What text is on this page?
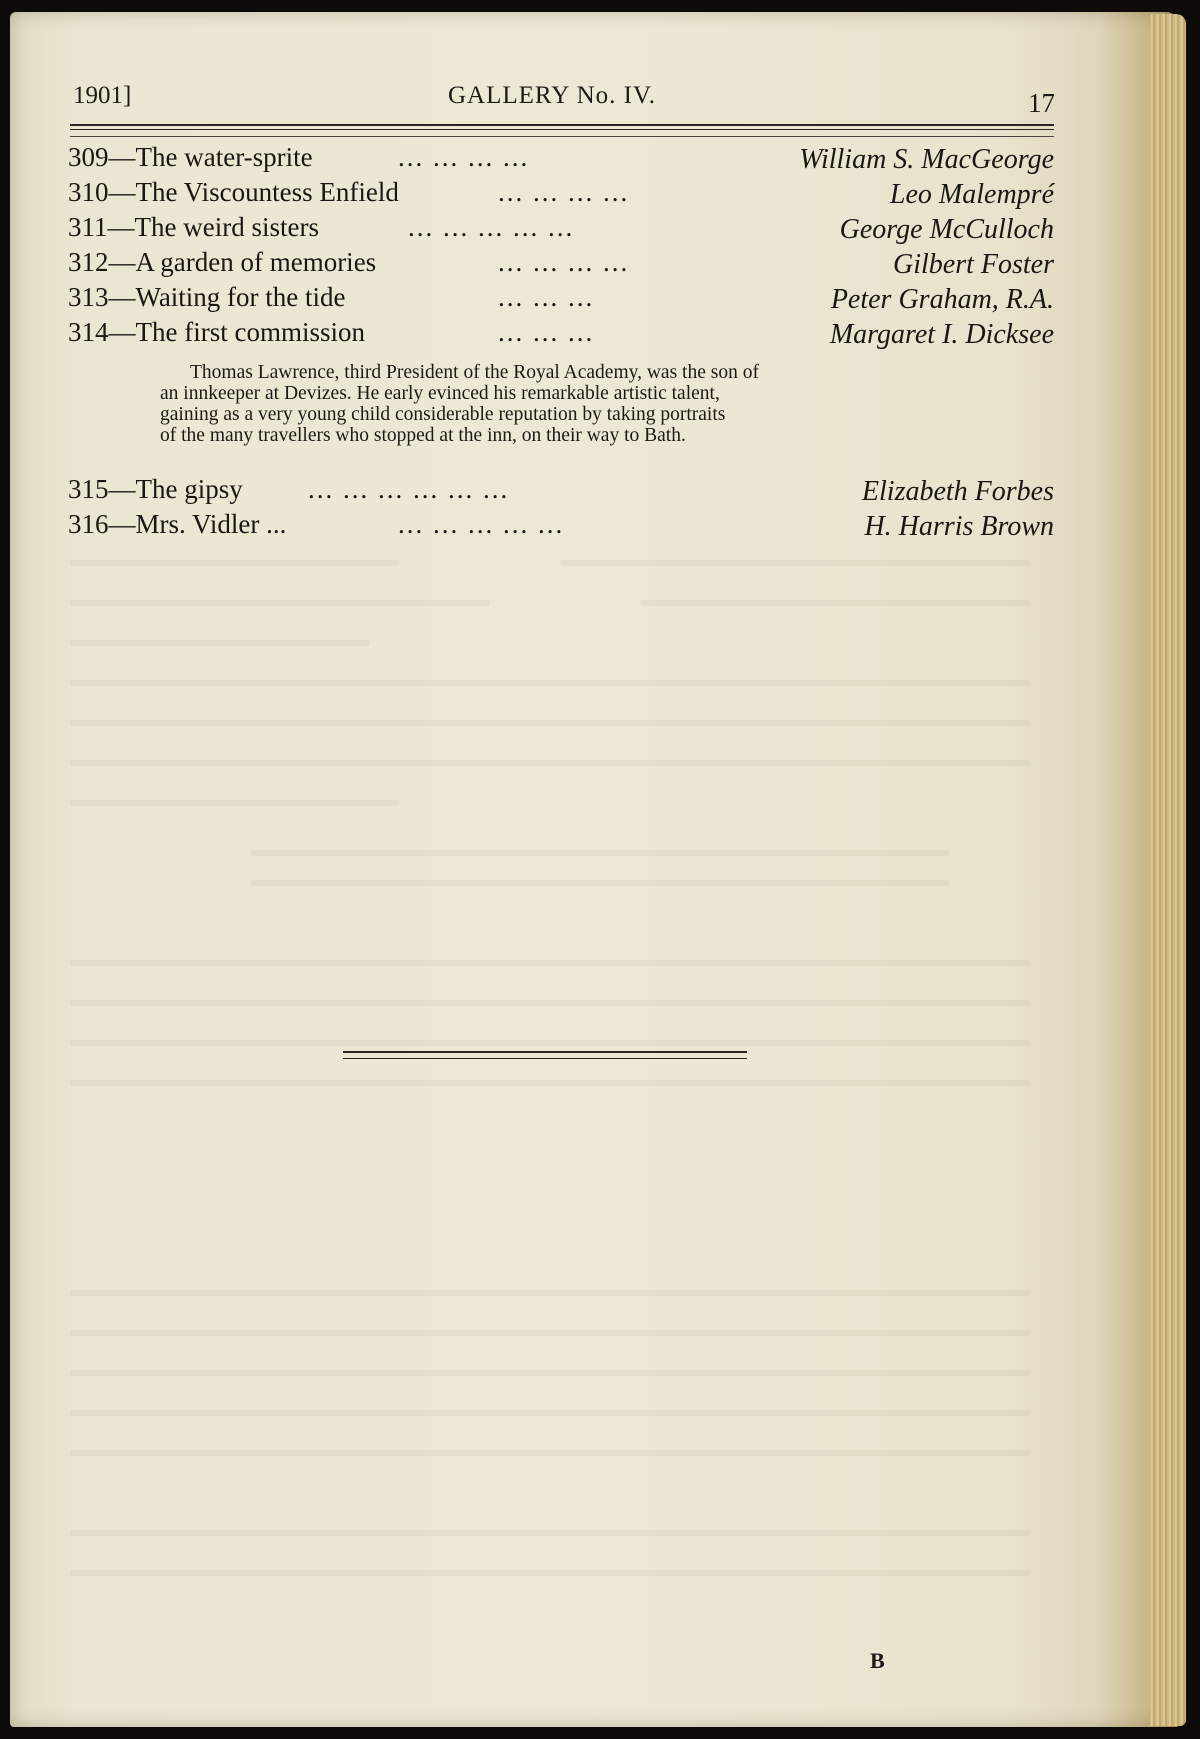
1901]	GALLERY No. IV.	17
309—The water-sprite	... ... ... ...	William S. MacGeorge
310—The Viscountess Enfield	... ... ... ...	Leo Malempré
311—The weird sisters	... ... ... ... ...	George McCulloch
312—A garden of memories	... ... ... ...	Gilbert Foster
313—Waiting for the tide	... ... ...	Peter Graham, R.A.
314—The first commission	... ... ...	Margaret I. Dicksee
Thomas Lawrence, third President of the Royal Academy, was the son of
an innkeeper at Devizes. He early evinced his remarkable artistic talent,
gaining as a very young child considerable reputation by taking portraits
of the many travellers who stopped at the inn, on their way to Bath.
315—The gipsy ... ... ... ... ... ...	Elizabeth Forbes
316—Mrs. Vidler ...	... ... ... ... ...	H. Harris Brown
B
